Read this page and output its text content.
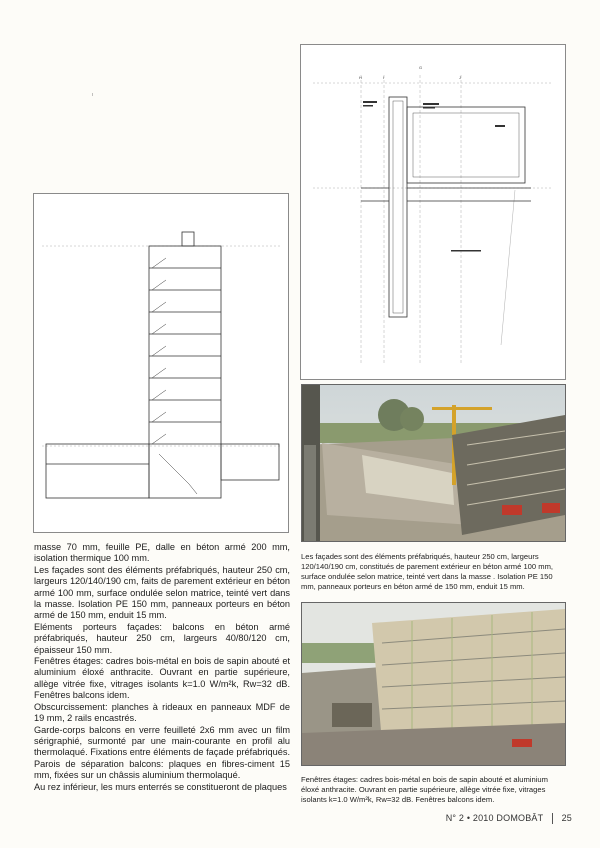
ı
H	I
G
J

Les façades sont des éléments préfabriqués, hauteur 250 cm, largeurs 120/140/190 cm, constitués de parement extérieur en béton armé 100 mm, surface ondulée selon matrice, teinté vert dans la masse . Isolation PE 150 mm, panneaux porteurs en béton armé de 150 mm, enduit 15 mm.

Fenêtres étages: cadres bois-métal en bois de sapin abouté et aluminium éloxé anthracite. Ouvrant en partie supérieure, allège vitrée fixe, vitrages isolants k=1.0 W/m²k, Rw=32 dB. Fenêtres balcons idem.

masse 70 mm, feuille PE, dalle en béton armé 200 mm, isolation thermique 100 mm.

Les façades sont des éléments préfabriqués, hauteur 250 cm, largeurs 120/140/190 cm, faits de parement extérieur en béton armé 100 mm, surface ondulée selon matrice, teinté vert dans la masse. Isolation PE 150 mm, panneaux porteurs en béton armé de 150 mm, enduit 15 mm.

Eléments porteurs façades: balcons en béton armé préfabriqués, hauteur 250 cm, largeurs 40/80/120 cm, épaisseur 150 mm.

Fenêtres étages: cadres bois-métal en bois de sapin abouté et aluminium éloxé anthracite. Ouvrant en partie supérieure, allège vitrée fixe, vitrages isolants k=1.0 W/m²k, Rw=32 dB. Fenêtres balcons idem.

Obscurcissement: planches à rideaux en panneaux MDF de 19 mm, 2 rails encastrés.

Garde-corps balcons en verre feuilleté 2x6 mm avec un film sérigraphié, surmonté par une main-courante en profil alu thermolaqué. Fixations entre éléments de façade préfabriqués. Parois de séparation balcons: plaques en fibres-ciment 15 mm, fixées sur un châssis aluminium thermolaqué.

Au rez inférieur, les murs enterrés se constitueront de plaques

N° 2 • 2010 DOMOBÂT 25
